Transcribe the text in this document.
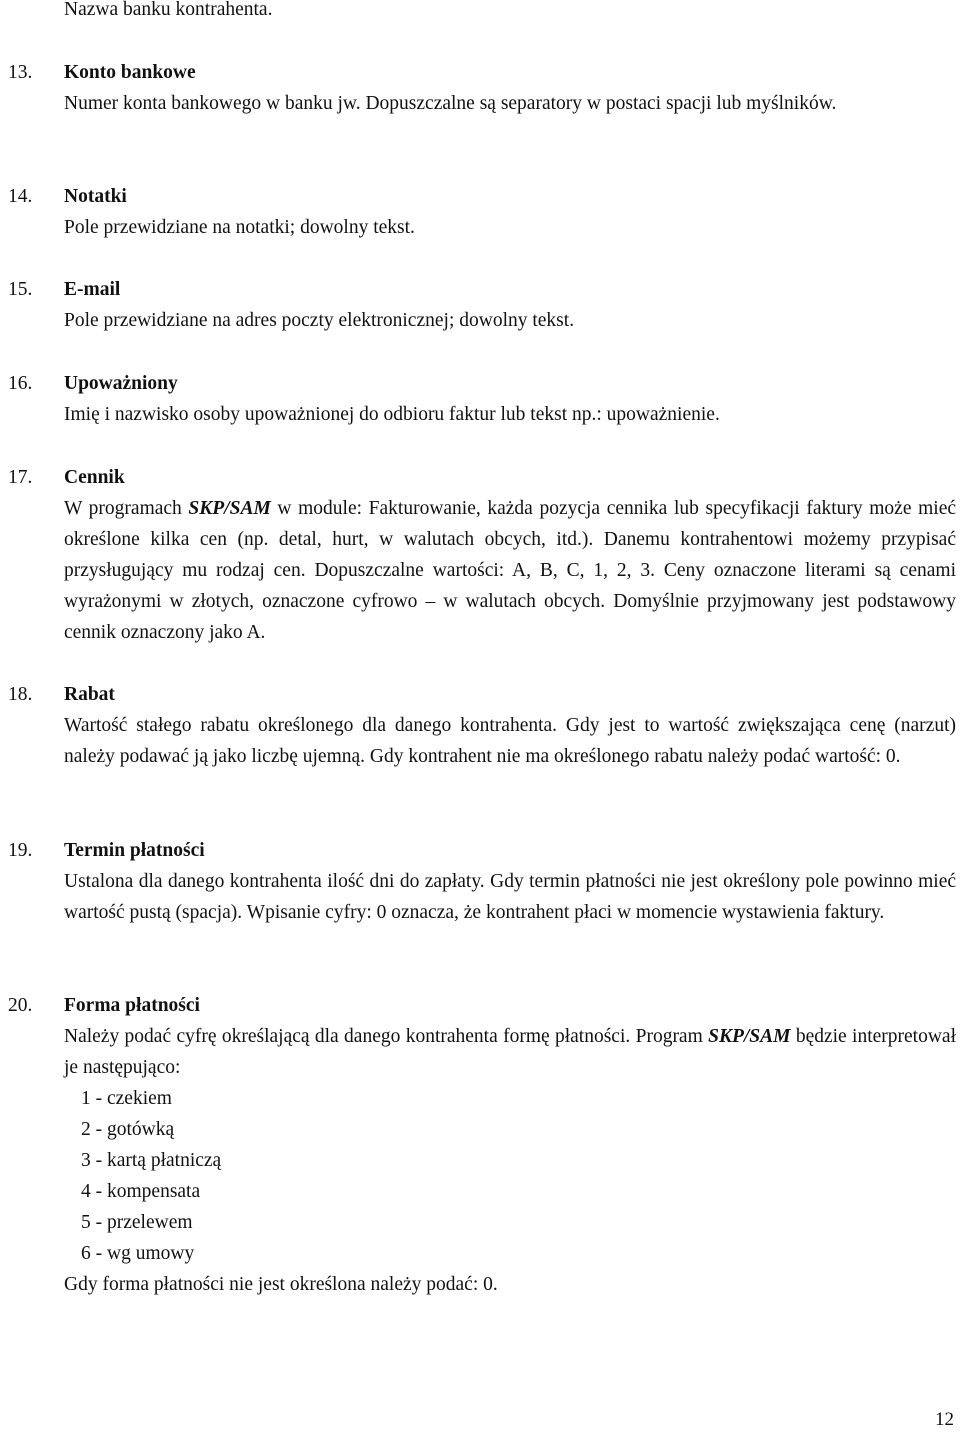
Nazwa banku kontrahenta.
13. Konto bankowe

Numer konta bankowego w banku jw. Dopuszczalne są separatory w postaci spacji lub myślników.

14. Notatki

Pole przewidziane na notatki; dowolny tekst.

15. E-mail

Pole przewidziane na adres poczty elektronicznej; dowolny tekst.

16. Upoważniony

Imię i nazwisko osoby upoważnionej do odbioru faktur lub tekst np.: upoważnienie.

17. Cennik

W programach SKP/SAM w module: Fakturowanie, każda pozycja cennika lub specyfikacji faktury może mieć określone kilka cen (np. detal, hurt, w walutach obcych, itd.). Danemu kontrahentowi możemy przypisać przysługujący mu rodzaj cen. Dopuszczalne wartości: A, B, C, 1, 2, 3. Ceny oznaczone literami są cenami wyrażonymi w złotych, oznaczone cyfrowo – w walutach obcych. Domyślnie przyjmowany jest podstawowy cennik oznaczony jako A.

18. Rabat

Wartość stałego rabatu określonego dla danego kontrahenta. Gdy jest to wartość zwiększająca cenę (narzut) należy podawać ją jako liczbę ujemną. Gdy kontrahent nie ma określonego rabatu należy podać wartość: 0.

19. Termin płatności

Ustalona dla danego kontrahenta ilość dni do zapłaty. Gdy termin płatności nie jest określony pole powinno mieć wartość pustą (spacja). Wpisanie cyfry: 0 oznacza, że kontrahent płaci w momencie wystawienia faktury.

20. Forma płatności

Należy podać cyfrę określającą dla danego kontrahenta formę płatności. Program SKP/SAM będzie interpretował je następująco:

1 - czekiem
2 - gotówką
3 - kartą płatniczą
4 - kompensata
5 - przelewem
6 - wg umowy

Gdy forma płatności nie jest określona należy podać: 0.

12
